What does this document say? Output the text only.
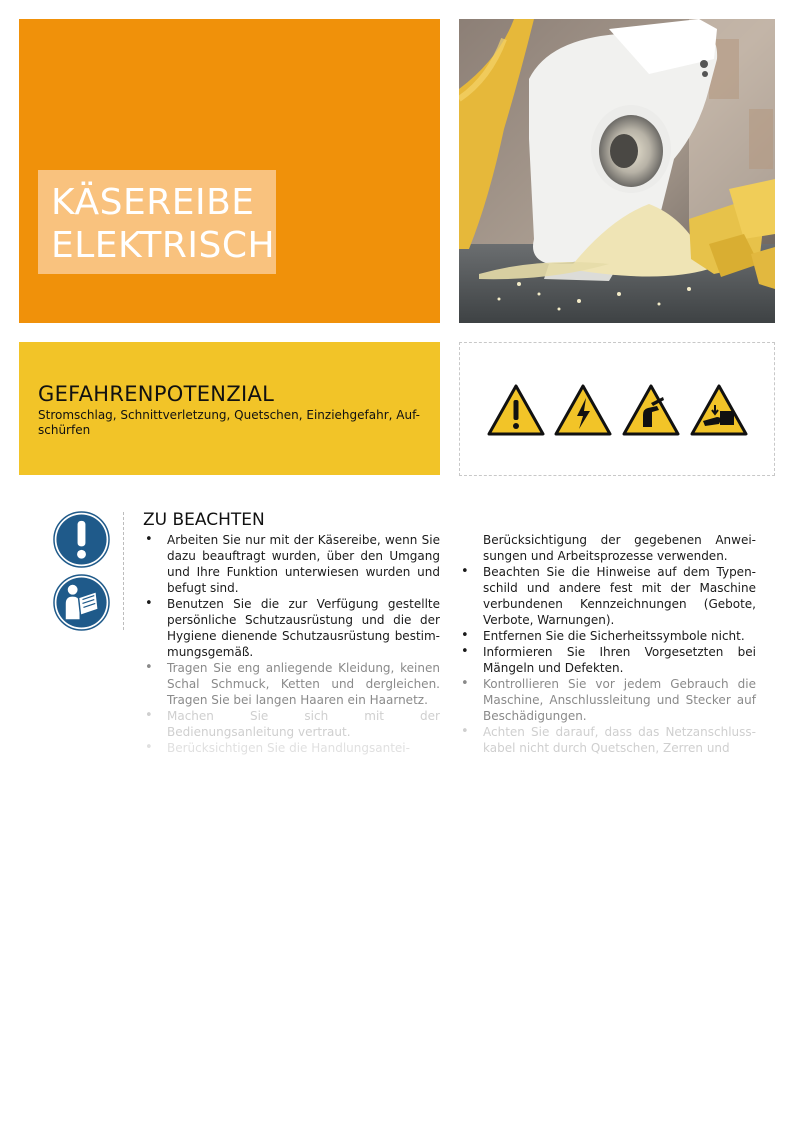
KÄSEREIBE
ELEKTRISCH
GEFAHRENPOTENZIAL
Stromschlag, Schnittverletzung, Quetschen, Einziehgefahr, Auf-schürfen
ZU BEACHTEN
• Arbeiten Sie nur mit der Käsereibe, wenn Sie dazu beauftragt wurden, über den Umgang und Ihre Funktion unterwiesen wurden und befugt sind.
• Benutzen Sie die zur Verfügung gestellte persönliche Schutzausrüstung und die der Hygiene dienende Schutzausrüstung bestim-mungsgemäß.
• Tragen Sie eng anliegende Kleidung, keinen Schal Schmuck, Ketten und dergleichen. Tragen Sie bei langen Haaren ein Haarnetz.
• Machen Sie sich mit der Bedienungsanleitung vertraut.
• Berücksichtigen Sie die Handlungsantei-
Berücksichtigung der gegebenen Anwei-sungen und Arbeitsprozesse verwenden.
• Beachten Sie die Hinweise auf dem Typen-schild und andere fest mit der Maschine verbundenen Kennzeichnungen (Gebote, Verbote, Warnungen).
• Entfernen Sie die Sicherheitssymbole nicht.
• Informieren Sie Ihren Vorgesetzten bei Mängeln und Defekten.
• Kontrollieren Sie vor jedem Gebrauch die Maschine, Anschlussleitung und Stecker auf Beschädigungen.
• Achten Sie darauf, dass das Netzanschluss-kabel nicht durch Quetschen, Zerren und
